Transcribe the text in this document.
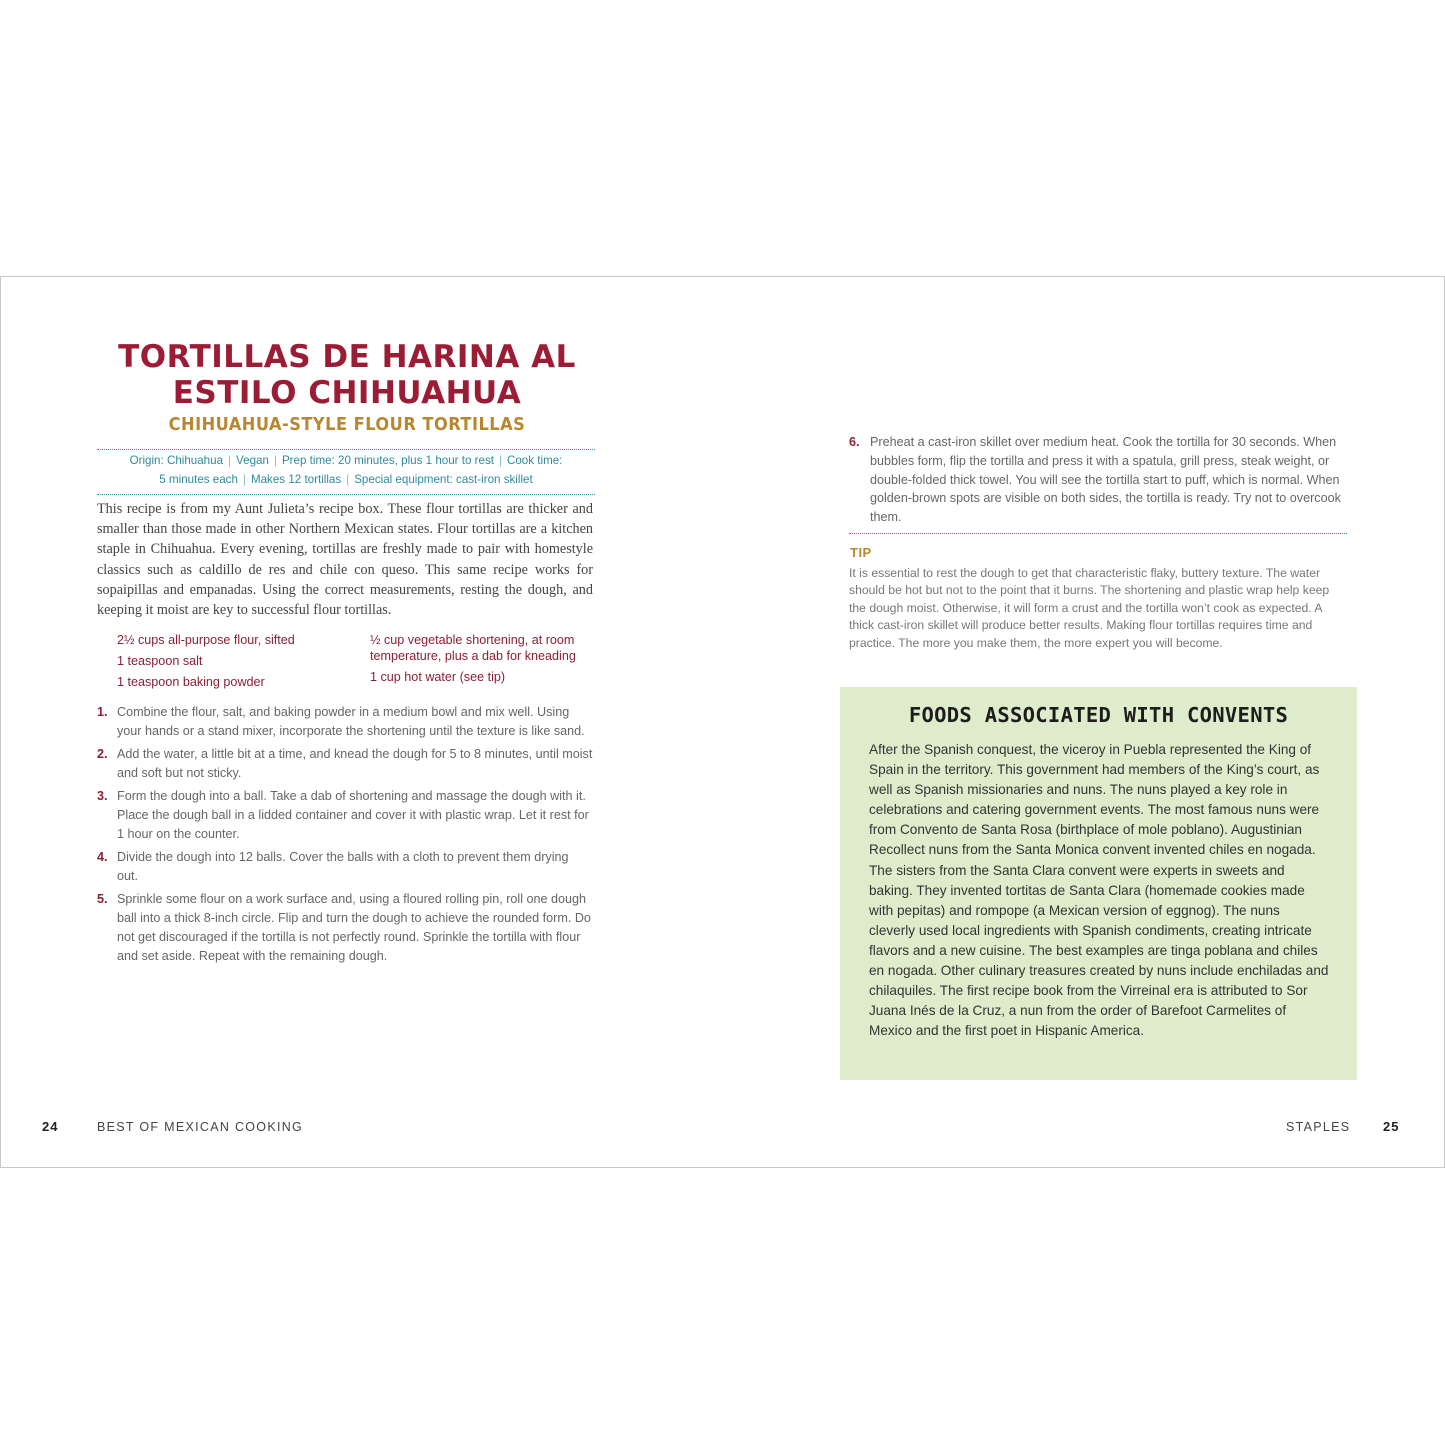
TORTILLAS DE HARINA AL ESTILO CHIHUAHUA
CHIHUAHUA-STYLE FLOUR TORTILLAS
Origin: Chihuahua | Vegan | Prep time: 20 minutes, plus 1 hour to rest | Cook time:
5 minutes each | Makes 12 tortillas | Special equipment: cast-iron skillet

This recipe is from my Aunt Julieta’s recipe box. These flour tortillas are thicker and smaller than those made in other Northern Mexican states. Flour tortillas are a kitchen staple in Chihuahua. Every evening, tortillas are freshly made to pair with homestyle classics such as caldillo de res and chile con queso. This same recipe works for sopaipillas and empanadas. Using the correct measurements, resting the dough, and keeping it moist are key to successful flour tortillas.

2½ cups all-purpose flour, sifted
1 teaspoon salt
1 teaspoon baking powder
½ cup vegetable shortening, at room temperature, plus a dab for kneading
1 cup hot water (see tip)
1. Combine the flour, salt, and baking powder in a medium bowl and mix well. Using your hands or a stand mixer, incorporate the shortening until the texture is like sand.
2. Add the water, a little bit at a time, and knead the dough for 5 to 8 minutes, until moist and soft but not sticky.
3. Form the dough into a ball. Take a dab of shortening and massage the dough with it. Place the dough ball in a lidded container and cover it with plastic wrap. Let it rest for 1 hour on the counter.
4. Divide the dough into 12 balls. Cover the balls with a cloth to prevent them drying out.
5. Sprinkle some flour on a work surface and, using a floured rolling pin, roll one dough ball into a thick 8-inch circle. Flip and turn the dough to achieve the rounded form. Do not get discouraged if the tortilla is not perfectly round. Sprinkle the tortilla with flour and set aside. Repeat with the remaining dough.
24	BEST OF MEXICAN COOKING
6. Preheat a cast-iron skillet over medium heat. Cook the tortilla for 30 seconds. When bubbles form, flip the tortilla and press it with a spatula, grill press, steak weight, or double-folded thick towel. You will see the tortilla start to puff, which is normal. When golden-brown spots are visible on both sides, the tortilla is ready. Try not to overcook them.
TIP

It is essential to rest the dough to get that characteristic flaky, buttery texture. The water should be hot but not to the point that it burns. The shortening and plastic wrap help keep the dough moist. Otherwise, it will form a crust and the tortilla won’t cook as expected. A thick cast-iron skillet will produce better results. Making flour tortillas requires time and practice. The more you make them, the more expert you will become.

FOODS ASSOCIATED WITH CONVENTS

After the Spanish conquest, the viceroy in Puebla represented the King of Spain in the territory. This government had members of the King’s court, as well as Spanish missionaries and nuns. The nuns played a key role in celebrations and catering government events. The most famous nuns were from Convento de Santa Rosa (birthplace of mole poblano). Augustinian Recollect nuns from the Santa Monica convent invented chiles en nogada. The sisters from the Santa Clara convent were experts in sweets and baking. They invented tortitas de Santa Clara (homemade cookies made with pepitas) and rompope (a Mexican version of eggnog). The nuns cleverly used local ingredients with Spanish condiments, creating intricate flavors and a new cuisine. The best examples are tinga poblana and chiles en nogada. Other culinary treasures created by nuns include enchiladas and chilaquiles. The first recipe book from the Virreinal era is attributed to Sor Juana Inés de la Cruz, a nun from the order of Barefoot Carmelites of Mexico and the first poet in Hispanic America.

STAPLES	25
